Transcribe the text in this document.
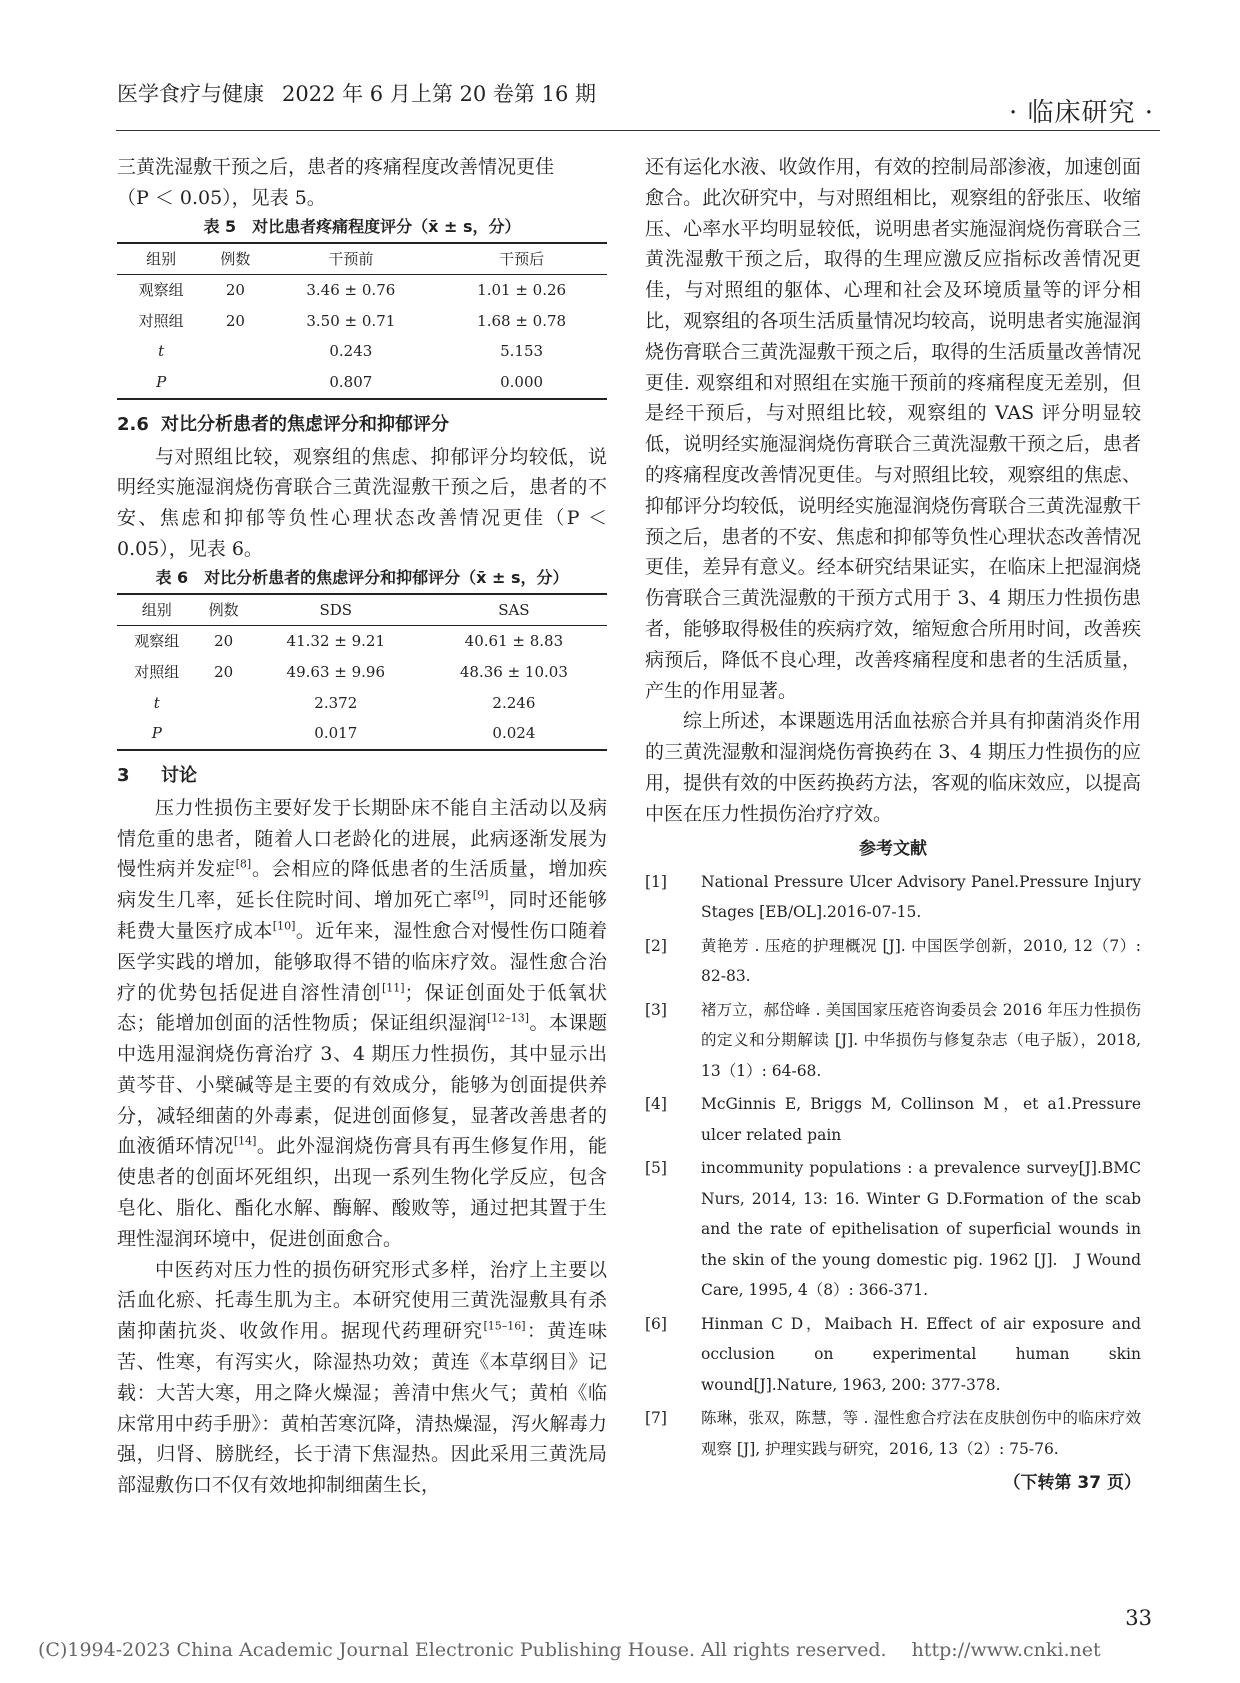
医学食疗与健康 2022 年 6 月上第 20 卷第 16 期
· 临床研究 ·

三黄洗湿敷干预之后，患者的疼痛程度改善情况更佳
（P ＜ 0.05），见表 5。

表 5　对比患者疼痛程度评分（x̄ ± s，分）
组别	例数	干预前	干预后
观察组	20	3.46 ± 0.76	1.01 ± 0.26
对照组	20	3.50 ± 0.71	1.68 ± 0.78
t		0.243	5.153
P		0.807	0.000
2.6 对比分析患者的焦虑评分和抑郁评分

与对照组比较，观察组的焦虑、抑郁评分均较低，说明经实施湿润烧伤膏联合三黄洗湿敷干预之后，患者的不安、焦虑和抑郁等负性心理状态改善情况更佳（P ＜ 0.05），见表 6。

表 6　对比分析患者的焦虑评分和抑郁评分（x̄ ± s，分）
组别	例数	SDS	SAS
观察组	20	41.32 ± 9.21	40.61 ± 8.83
对照组	20	49.63 ± 9.96	48.36 ± 10.03
t		2.372	2.246
P		0.017	0.024
3 讨论

压力性损伤主要好发于长期卧床不能自主活动以及病情危重的患者，随着人口老龄化的进展，此病逐渐发展为慢性病并发症[8]。会相应的降低患者的生活质量，增加疾病发生几率，延长住院时间、增加死亡率[9]，同时还能够耗费大量医疗成本[10]。近年来，湿性愈合对慢性伤口随着医学实践的增加，能够取得不错的临床疗效。湿性愈合治疗的优势包括促进自溶性清创[11]；保证创面处于低氧状态；能增加创面的活性物质；保证组织湿润[12–13]。本课题中选用湿润烧伤膏治疗 3、4 期压力性损伤，其中显示出黄芩苷、小檗碱等是主要的有效成分，能够为创面提供养分，减轻细菌的外毒素，促进创面修复，显著改善患者的血液循环情况[14]。此外湿润烧伤膏具有再生修复作用，能使患者的创面坏死组织，出现一系列生物化学反应，包含皂化、脂化、酯化水解、酶解、酸败等，通过把其置于生理性湿润环境中，促进创面愈合。

中医药对压力性的损伤研究形式多样，治疗上主要以活血化瘀、托毒生肌为主。本研究使用三黄洗湿敷具有杀菌抑菌抗炎、收敛作用。据现代药理研究[15–16]：黄连味苦、性寒，有泻实火，除湿热功效；黄连《本草纲目》记载：大苦大寒，用之降火燥湿；善清中焦火气；黄柏《临床常用中药手册》：黄柏苦寒沉降，清热燥湿，泻火解毒力强，归肾、膀胱经，长于清下焦湿热。因此采用三黄洗局部湿敷伤口不仅有效地抑制细菌生长，

还有运化水液、收敛作用，有效的控制局部渗液，加速创面愈合。此次研究中，与对照组相比，观察组的舒张压、收缩压、心率水平均明显较低，说明患者实施湿润烧伤膏联合三黄洗湿敷干预之后，取得的生理应激反应指标改善情况更佳，与对照组的躯体、心理和社会及环境质量等的评分相比，观察组的各项生活质量情况均较高，说明患者实施湿润烧伤膏联合三黄洗湿敷干预之后，取得的生活质量改善情况更佳. 观察组和对照组在实施干预前的疼痛程度无差别，但是经干预后，与对照组比较，观察组的 VAS 评分明显较低，说明经实施湿润烧伤膏联合三黄洗湿敷干预之后，患者的疼痛程度改善情况更佳。与对照组比较，观察组的焦虑、抑郁评分均较低，说明经实施湿润烧伤膏联合三黄洗湿敷干预之后，患者的不安、焦虑和抑郁等负性心理状态改善情况更佳，差异有意义。经本研究结果证实，在临床上把湿润烧伤膏联合三黄洗湿敷的干预方式用于 3、4 期压力性损伤患者，能够取得极佳的疾病疗效，缩短愈合所用时间，改善疾病预后，降低不良心理，改善疼痛程度和患者的生活质量，产生的作用显著。

综上所述，本课题选用活血祛瘀合并具有抑菌消炎作用的三黄洗湿敷和湿润烧伤膏换药在 3、4 期压力性损伤的应用，提供有效的中医药换药方法，客观的临床效应，以提高中医在压力性损伤治疗疗效。

参考文献
[1]	National Pressure Ulcer Advisory Panel.Pressure Injury Stages [EB/OL].2016-07-15.
[2]	黄艳芳 . 压疮的护理概况 [J]. 中国医学创新，2010, 12（7）: 82-83.
[3]	褚万立，郝岱峰 . 美国国家压疮咨询委员会 2016 年压力性损伤的定义和分期解读 [J]. 中华损伤与修复杂志（电子版），2018, 13（1）: 64-68.
[4]	McGinnis E, Briggs M, Collinson M，et a1.Pressure ulcer related pain
[5]	incommunity populations : a prevalence survey[J].BMC Nurs, 2014, 13: 16. Winter G D.Formation of the scab and the rate of epithelisation of superficial wounds in the skin of the young domestic pig. 1962 [J].　J Wound Care, 1995, 4（8）: 366-371.
[6]	Hinman C D，Maibach H. Effect of air exposure and occlusion on experimental human skin wound[J].Nature, 1963, 200: 377-378.
[7]	陈琳，张双，陈慧，等 . 湿性愈合疗法在皮肤创伤中的临床疗效观察 [J], 护理实践与研究，2016, 13（2）: 75-76.
（下转第 37 页）
33
(C)1994-2023 China Academic Journal Electronic Publishing House. All rights reserved.　 http://www.cnki.net
